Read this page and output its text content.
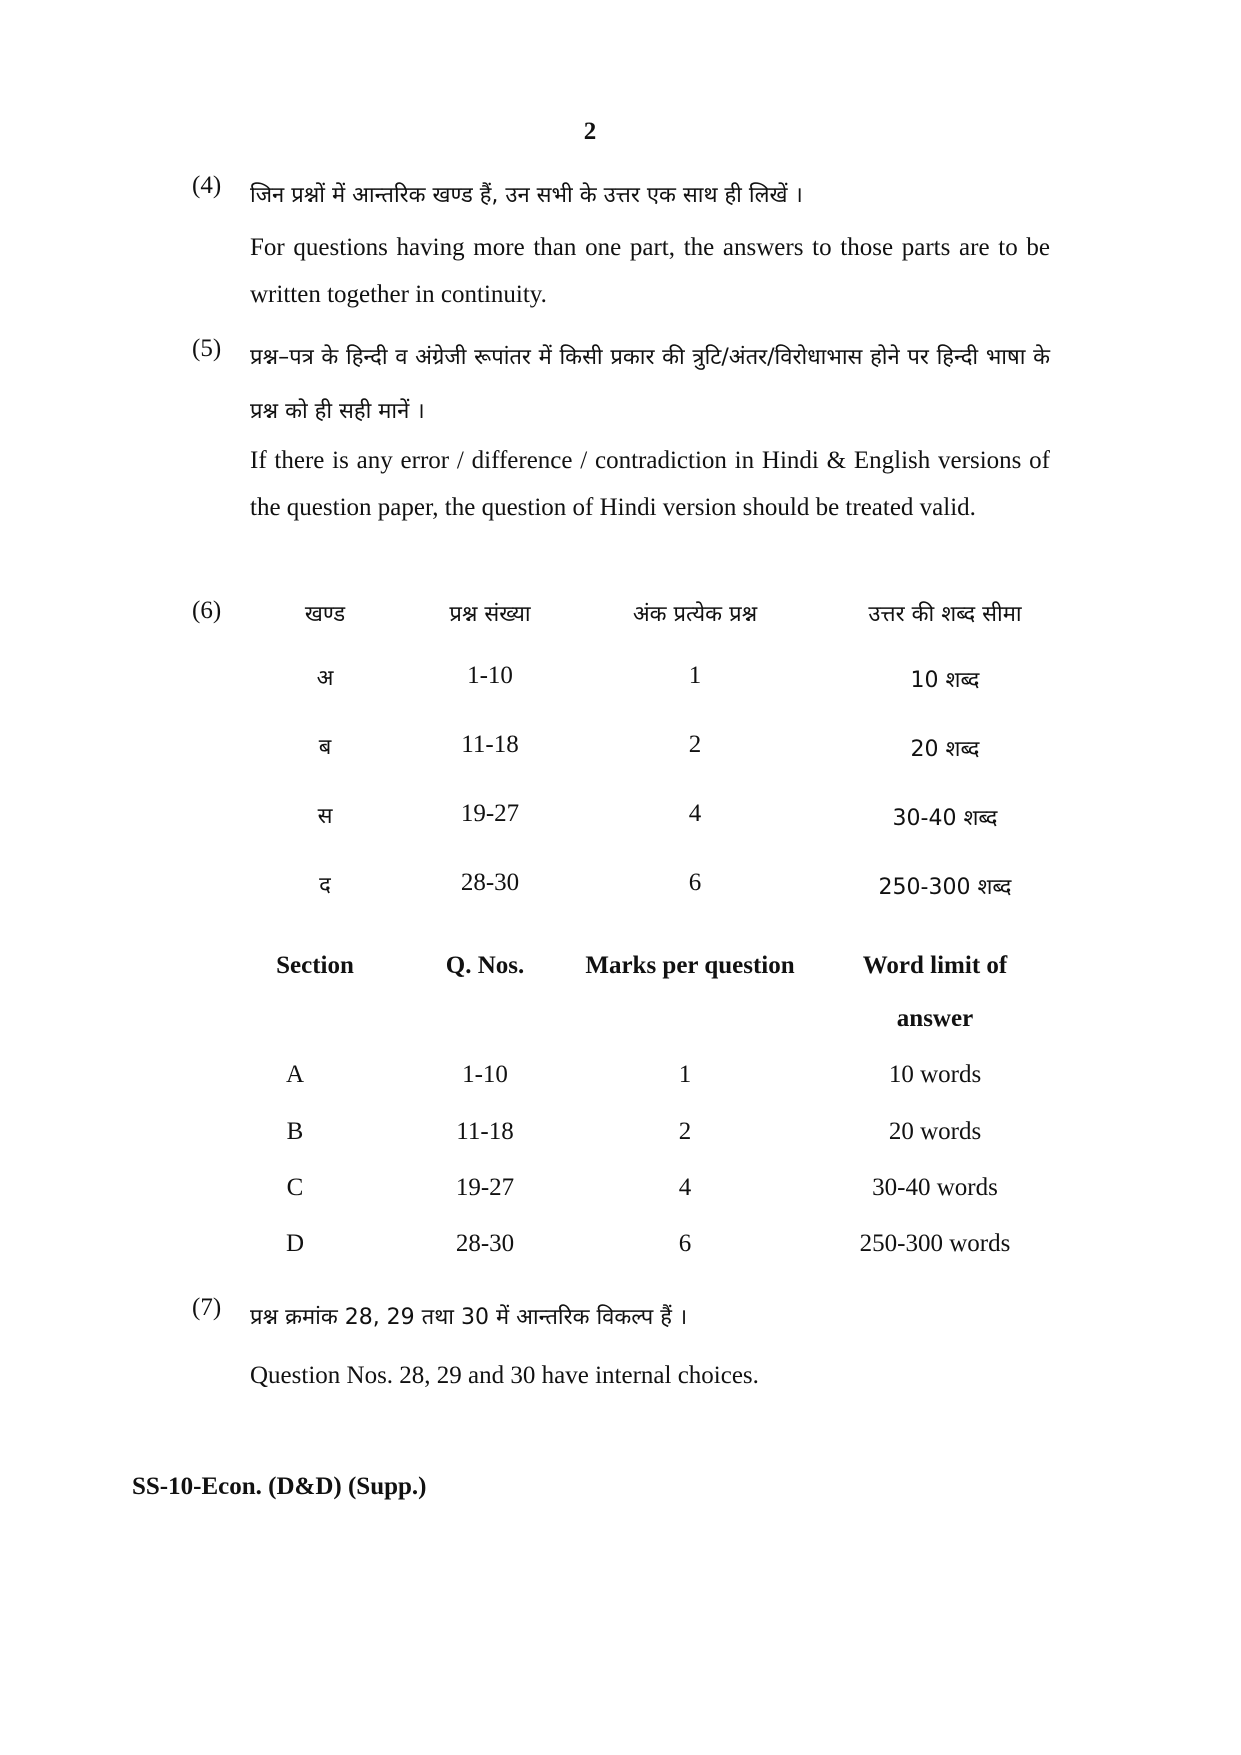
2
(4) जिन प्रश्नों में आन्तरिक खण्ड हैं, उन सभी के उत्तर एक साथ ही लिखें ।
For questions having more than one part, the answers to those parts are to be written together in continuity.
(5) प्रश्न–पत्र के हिन्दी व अंग्रेजी रूपांतर में किसी प्रकार की त्रुटि/अंतर/विरोधाभास होने पर हिन्दी भाषा के प्रश्न को ही सही मानें ।
If there is any error / difference / contradiction in Hindi & English versions of the question paper, the question of Hindi version should be treated valid.
(6)	खण्ड	प्रश्न संख्या	अंक प्रत्येक प्रश्न	उत्तर की शब्द सीमा
अ	1-10	1	10 शब्द
ब	11-18	2	20 शब्द
स	19-27	4	30-40 शब्द
द	28-30	6	250-300 शब्द
Section	Q. Nos.	Marks per question	Word limit of
answer
A	1-10	1	10 words
B	11-18	2	20 words
C	19-27	4	30-40 words
D	28-30	6	250-300 words
(7) प्रश्न क्रमांक 28, 29 तथा 30 में आन्तरिक विकल्प हैं ।
Question Nos. 28, 29 and 30 have internal choices.
SS-10-Econ. (D&D) (Supp.)
